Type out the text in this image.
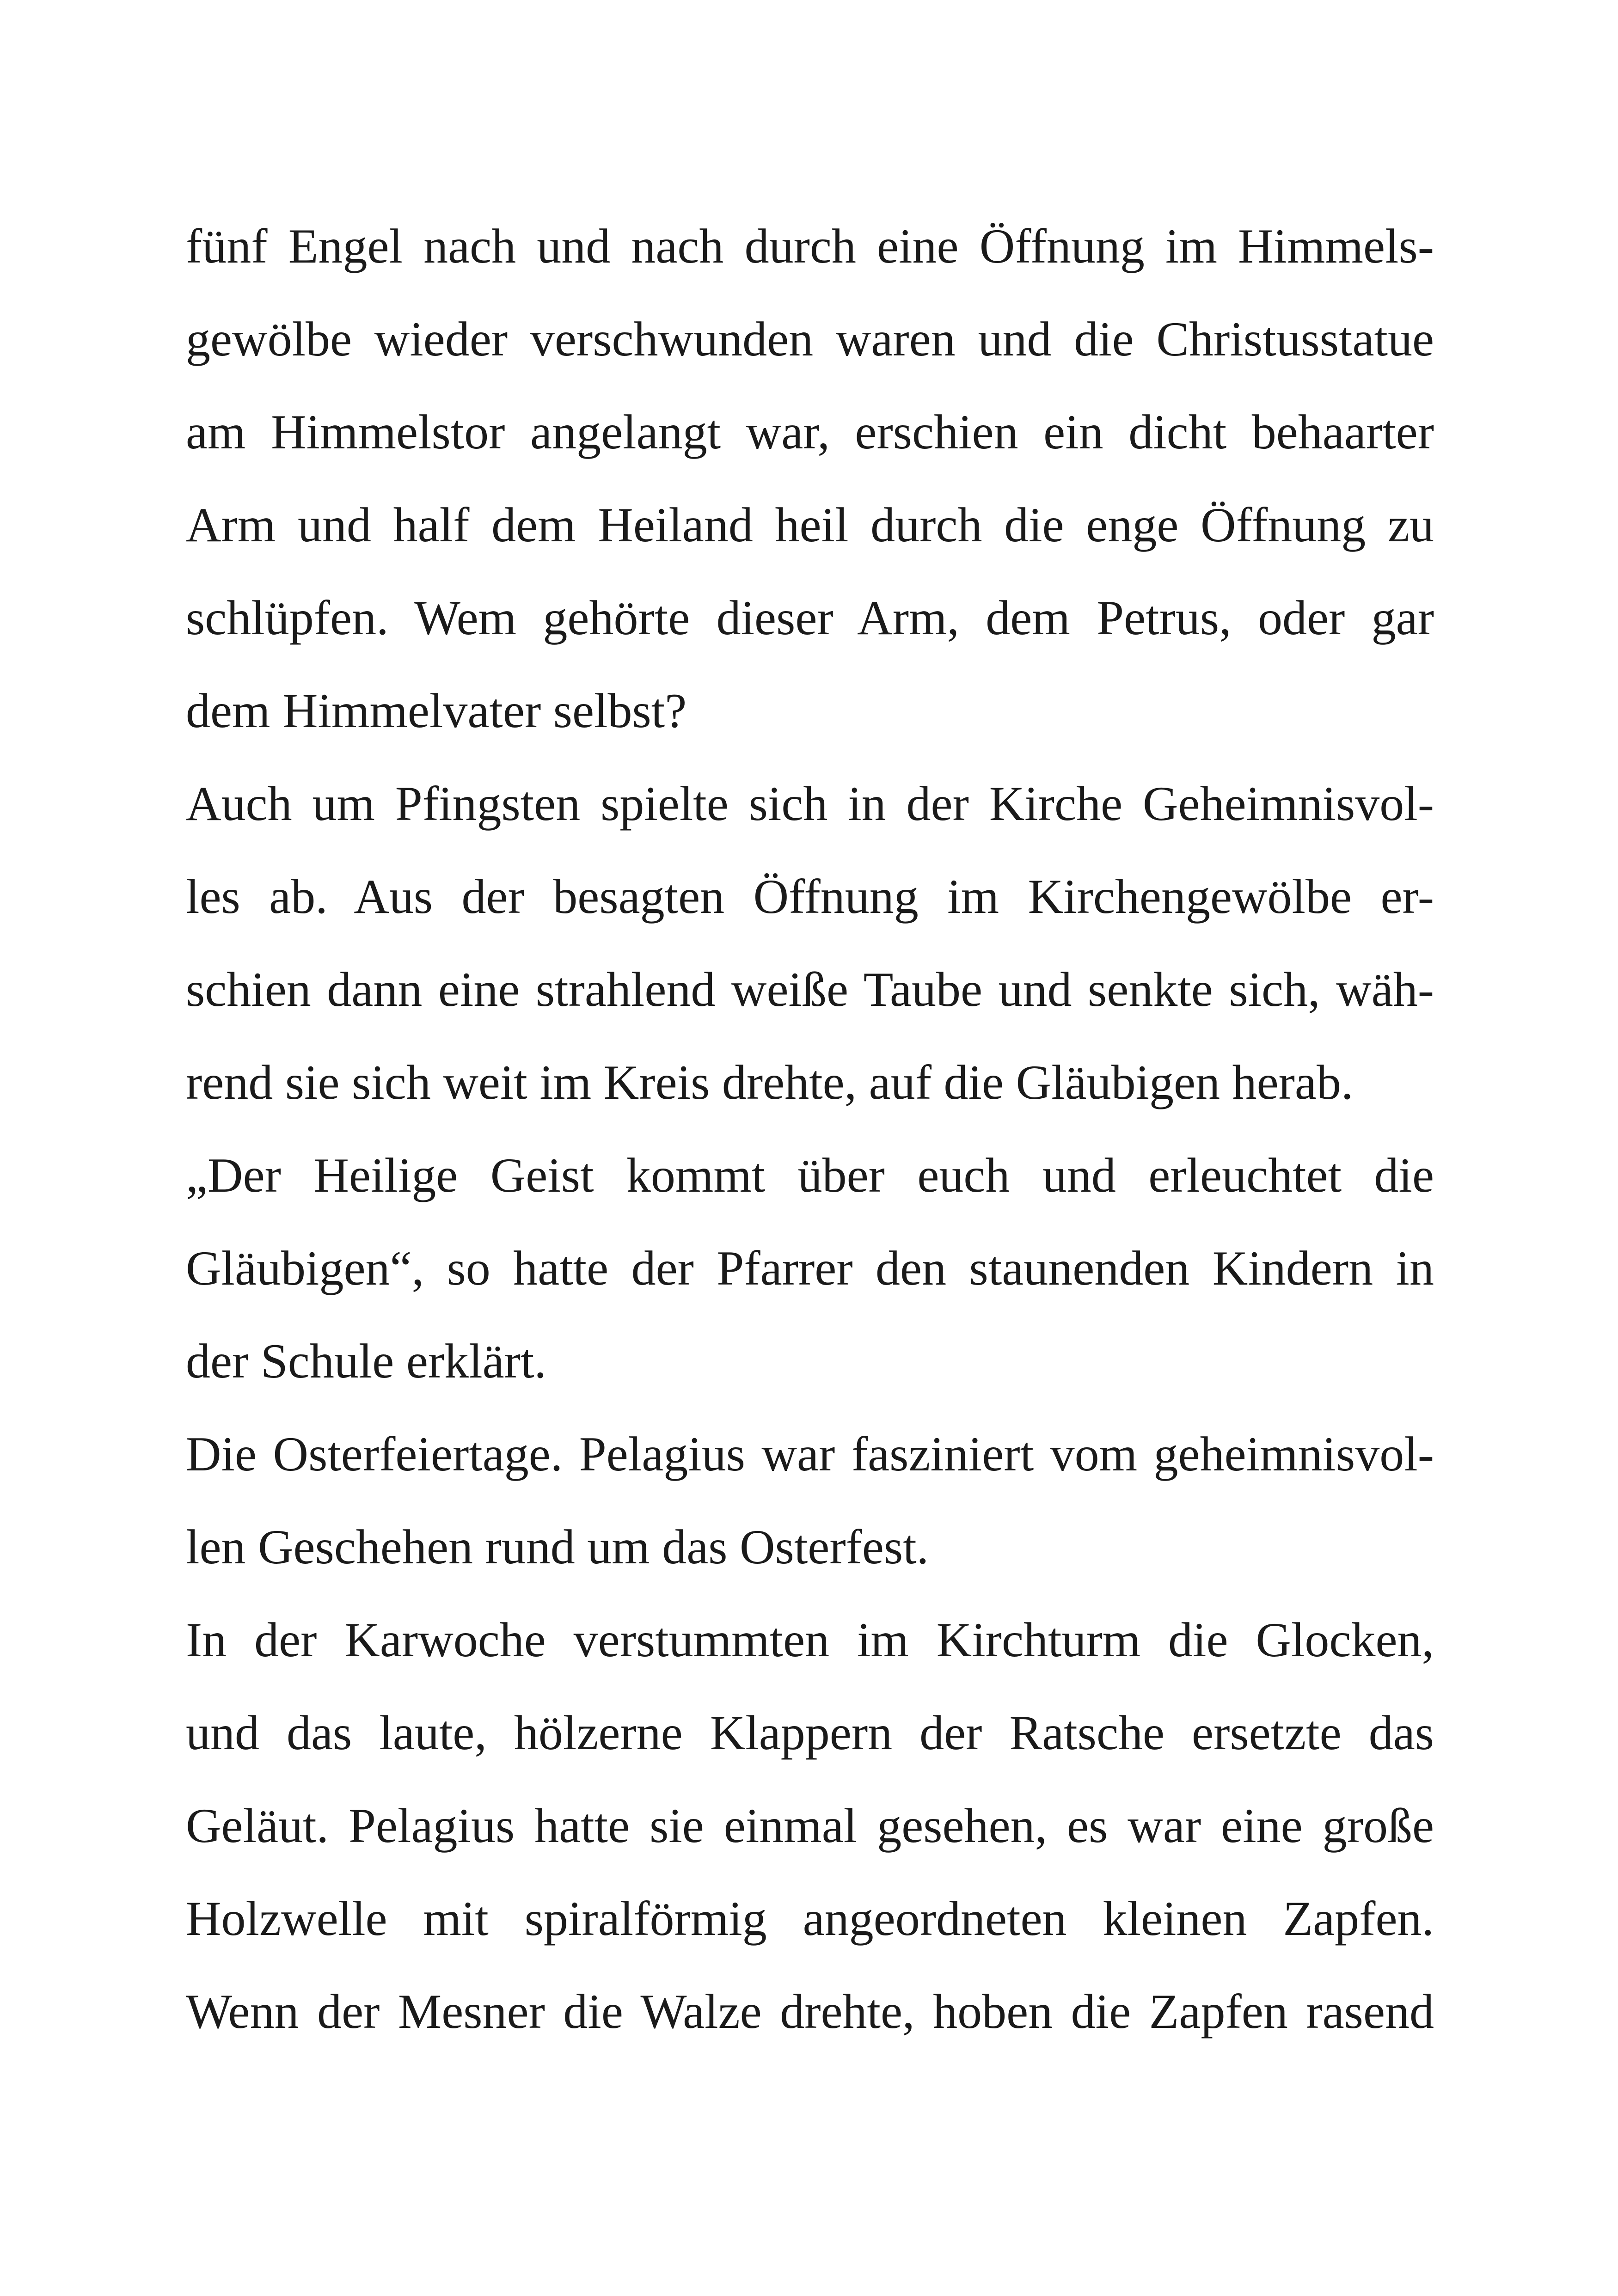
fünf Engel nach und nach durch eine Öffnung im Himmels-
gewölbe wieder verschwunden waren und die Christusstatue
am Himmelstor angelangt war, erschien ein dicht behaarter
Arm und half dem Heiland heil durch die enge Öffnung zu
schlüpfen. Wem gehörte dieser Arm, dem Petrus, oder gar
dem Himmelvater selbst?
Auch um Pfingsten spielte sich in der Kirche Geheimnisvol-
les ab. Aus der besagten Öffnung im Kirchengewölbe er-
schien dann eine strahlend weiße Taube und senkte sich, wäh-
rend sie sich weit im Kreis drehte, auf die Gläubigen herab.
„Der Heilige Geist kommt über euch und erleuchtet die
Gläubigen“, so hatte der Pfarrer den staunenden Kindern in
der Schule erklärt.
Die Osterfeiertage. Pelagius war fasziniert vom geheimnisvol-
len Geschehen rund um das Osterfest.
In der Karwoche verstummten im Kirchturm die Glocken,
und das laute, hölzerne Klappern der Ratsche ersetzte das
Geläut. Pelagius hatte sie einmal gesehen, es war eine große
Holzwelle mit spiralförmig angeordneten kleinen Zapfen.
Wenn der Mesner die Walze drehte, hoben die Zapfen rasend
